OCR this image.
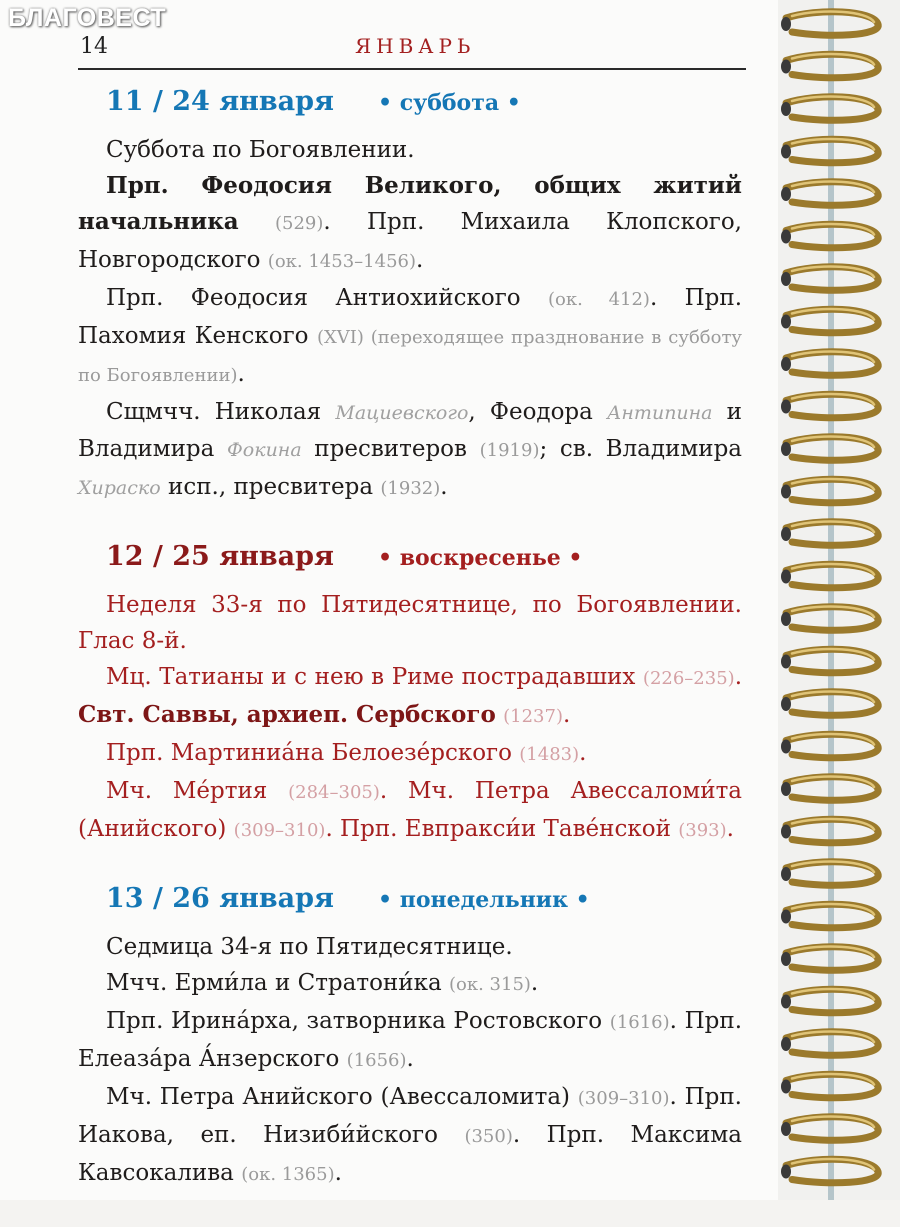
БЛАГОВЕСТ
14	ЯНВАРЬ
11 / 24 января	• суббота •

Суббота по Богоявлении.

Прп. Феодосия Великого, общих житий начальника (529). Прп. Михаила Клопского, Новгородского (ок. 1453–1456).

Прп. Феодосия Антиохийского (ок. 412). Прп. Пахомия Кенского (XVI) (переходящее празднование в субботу по Богоявлении).

Сщмчч. Николая Мациевского, Феодора Антипина и Владимира Фокина пресвитеров (1919); св. Владимира Хираско исп., пресвитера (1932).

12 / 25 января	• воскресенье •

Неделя 33-я по Пятидесятнице, по Богоявлении. Глас 8-й.

Мц. Татианы и с нею в Риме пострадавших (226–235). Свт. Саввы, архиеп. Сербского (1237).

Прп. Мартиниа́на Белоезе́рского (1483).

Мч. Ме́ртия (284–305). Мч. Петра Авессаломи́та (Анийского) (309–310). Прп. Евпракси́и Таве́нской (393).

13 / 26 января	• понедельник •

Седмица 34-я по Пятидесятнице.

Мчч. Ерми́ла и Стратони́ка (ок. 315).

Прп. Ирина́рха, затворника Ростовского (1616). Прп. Елеаза́ра А́нзерского (1656).

Мч. Петра Анийского (Авессаломита) (309–310). Прп. Иакова, еп. Низиби́йского (350). Прп. Максима Кавсокалива (ок. 1365).
